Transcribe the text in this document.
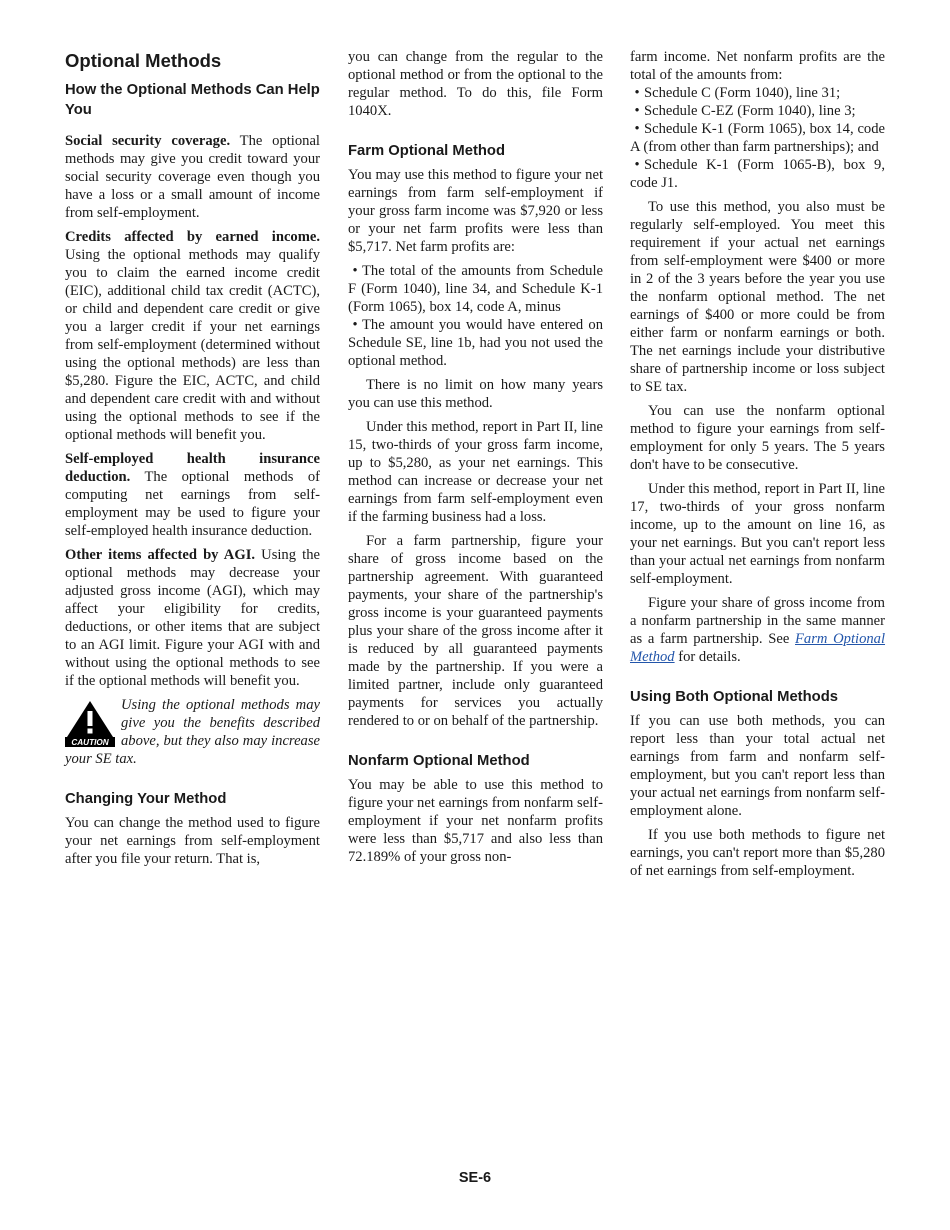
Optional Methods
How the Optional Methods Can Help You

Social security coverage. The optional methods may give you credit toward your social security coverage even though you have a loss or a small amount of income from self-employment.

Credits affected by earned income. Using the optional methods may qualify you to claim the earned income credit (EIC), additional child tax credit (ACTC), or child and dependent care credit or give you a larger credit if your net earnings from self-employment (determined without using the optional methods) are less than $5,280. Figure the EIC, ACTC, and child and dependent care credit with and without using the optional methods to see if the optional methods will benefit you.

Self-employed health insurance deduction. The optional methods of computing net earnings from self-employment may be used to figure your self-employed health insurance deduction.

Other items affected by AGI. Using the optional methods may decrease your adjusted gross income (AGI), which may affect your eligibility for credits, deductions, or other items that are subject to an AGI limit. Figure your AGI with and without using the optional methods to see if the optional methods will benefit you.

CAUTION
Using the optional methods may give you the benefits described above, but they also may increase your SE tax.
Changing Your Method

You can change the method used to figure your net earnings from self-employment after you file your return. That is,

you can change from the regular to the optional method or from the optional to the regular method. To do this, file Form 1040X.

Farm Optional Method

You may use this method to figure your net earnings from farm self-employment if your gross farm income was $7,920 or less or your net farm profits were less than $5,717. Net farm profits are:

• The total of the amounts from Schedule F (Form 1040), line 34, and Schedule K-1 (Form 1065), box 14, code A, minus

• The amount you would have entered on Schedule SE, line 1b, had you not used the optional method.

There is no limit on how many years you can use this method.

Under this method, report in Part II, line 15, two-thirds of your gross farm income, up to $5,280, as your net earnings. This method can increase or decrease your net earnings from farm self-employment even if the farming business had a loss.

For a farm partnership, figure your share of gross income based on the partnership agreement. With guaranteed payments, your share of the partnership's gross income is your guaranteed payments plus your share of the gross income after it is reduced by all guaranteed payments made by the partnership. If you were a limited partner, include only guaranteed payments for services you actually rendered to or on behalf of the partnership.

Nonfarm Optional Method

You may be able to use this method to figure your net earnings from nonfarm self-employment if your net nonfarm profits were less than $5,717 and also less than 72.189% of your gross non-

farm income. Net nonfarm profits are the total of the amounts from:

• Schedule C (Form 1040), line 31;

• Schedule C-EZ (Form 1040), line 3;

• Schedule K-1 (Form 1065), box 14, code A (from other than farm partnerships); and

• Schedule K-1 (Form 1065-B), box 9, code J1.

To use this method, you also must be regularly self-employed. You meet this requirement if your actual net earnings from self-employment were $400 or more in 2 of the 3 years before the year you use the nonfarm optional method. The net earnings of $400 or more could be from either farm or nonfarm earnings or both. The net earnings include your distributive share of partnership income or loss subject to SE tax.

You can use the nonfarm optional method to figure your earnings from self-employment for only 5 years. The 5 years don't have to be consecutive.

Under this method, report in Part II, line 17, two-thirds of your gross nonfarm income, up to the amount on line 16, as your net earnings. But you can't report less than your actual net earnings from nonfarm self-employment.

Figure your share of gross income from a nonfarm partnership in the same manner as a farm partnership. See Farm Optional Method for details.

Using Both Optional Methods

If you can use both methods, you can report less than your total actual net earnings from farm and nonfarm self-employment, but you can't report less than your actual net earnings from nonfarm self-employment alone.

If you use both methods to figure net earnings, you can't report more than $5,280 of net earnings from self-employment.

SE-6
